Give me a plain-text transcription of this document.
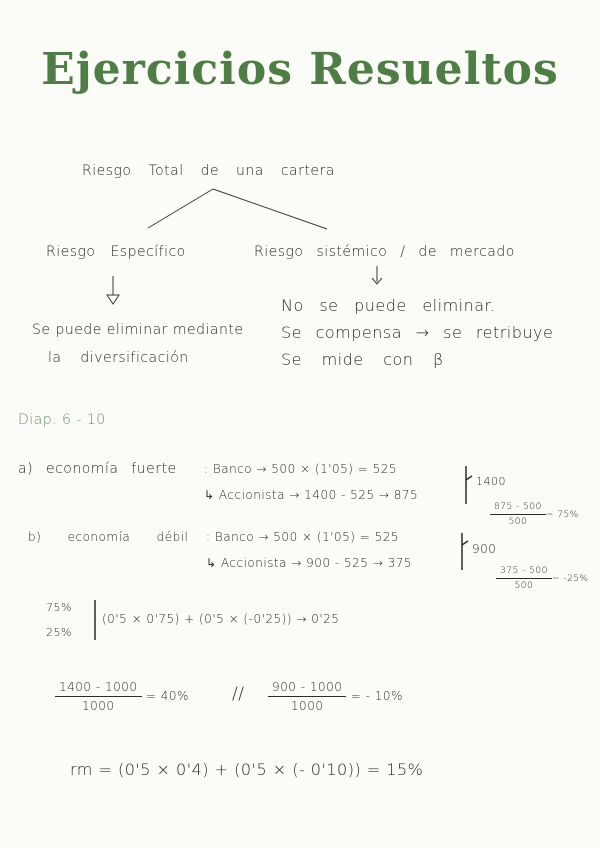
Ejercicios Resueltos
Riesgo Total de una cartera
Riesgo Específico
Se puede eliminar mediante
la diversificación
Riesgo sistémico / de mercado
No se puede eliminar.
Se compensa → se retribuye
Se mide con β
Diap. 6 - 10
a) economía fuerte : Banco → 500 × (1'05) = 525
↳ Accionista → 1400 - 525 → 875
1400
$\frac{875 - 500}{500} = 75\%$
b) economía débil : Banco → 500 × (1'05) = 525
↳ Accionista → 900 - 525 → 375
900
$\frac{375 - 500}{500} = -25\%$
75%
25%
(0'5 × 0'75) + (0'5 × (-0'25)) → 0'25
$\frac{1400 - 1000}{1000} = 40\%$	// $\frac{900 - 1000}{1000}$ = - 10%
rm = (0'5 × 0'4) + (0'5 × (- 0'10)) = 15%
